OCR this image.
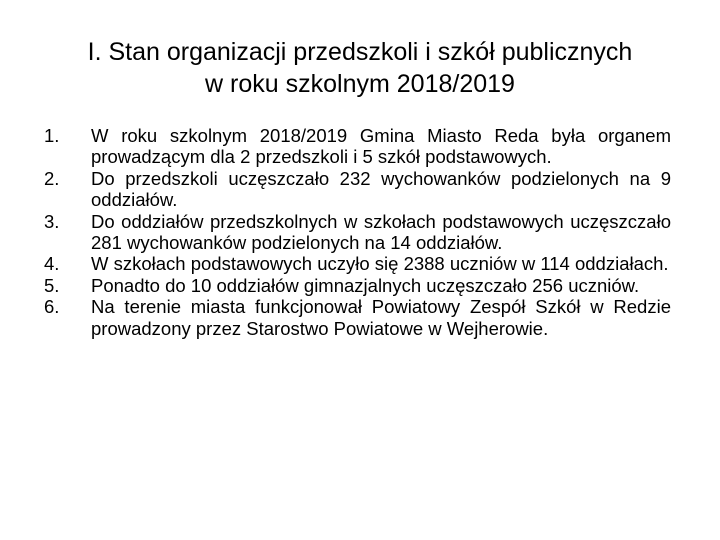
I. Stan organizacji przedszkoli i szkół publicznych
w roku szkolnym 2018/2019
1.	W roku szkolnym 2018/2019 Gmina Miasto Reda była organem prowadzącym dla 2 przedszkoli i 5 szkół podstawowych.
2.	Do przedszkoli uczęszczało 232 wychowanków podzielonych na 9 oddziałów.
3.	Do oddziałów przedszkolnych w szkołach podstawowych uczęszczało 281 wychowanków podzielonych na 14 oddziałów.
4.	W szkołach podstawowych uczyło się 2388 uczniów w 114 oddziałach.
5.	Ponadto do 10 oddziałów gimnazjalnych uczęszczało 256 uczniów.
6.	Na terenie miasta funkcjonował Powiatowy Zespół Szkół w Redzie prowadzony przez Starostwo Powiatowe w Wejherowie.
